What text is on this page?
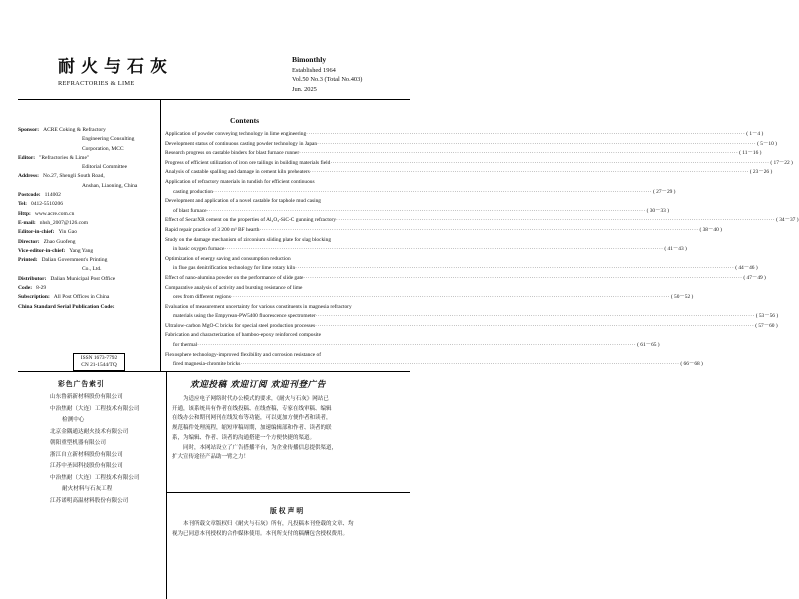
耐火与石灰
REFRACTORIES & LIME
Bimonthly
Established 1964
Vol.50 No.3 (Total No.403)
Jun. 2025
Sponsor: ACRE Coking & Refractory
Engineering Consulting
Corporation, MCC
Editor: "Refractories & Lime"
Editorial Committee
Address: No.27, Shengli South Road,
Anshan, Liaoning, China
Postcode: 114002
Tel: 0412-5510206
Http: www.acre.com.cn
E-mail: nhsh_2007@126.com
Editor-in-chief: Yin Gao
Director: Zhao Guofeng
Vice-editor-in-chief: Yang Yang
Printed: Dalian Government's Printing
Co., Ltd.
Distributor: Dalian Municipal Post Office
Code: 8-29
Subscription: All Post Offices in China
China Standard Serial Publication Code:
ISSN 1673-7792
CN 21-1544/TQ
Contents
Application of powder conveying technology in lime engineering ········································································································································································································ ( 1－4 )
Development status of continuous casting powder technology in Japan ········································································································································································································ ( 5－10 )
Research progress on castable binders for blast furnace runner ········································································································································································································ ( 11－16 )
Progress of efficient utilization of iron ore tailings in building materials field ········································································································································································································ ( 17－22 )
Analysis of castable spalling and damage in cement kiln preheaters ········································································································································································································ ( 23－26 )
Application of refractory materials in tundish for efficient continuous
casting production ········································································································································································································ ( 27－29 )
Development and application of a novel castable for taphole mud casing
of blast furnace ········································································································································································································ ( 30－33 )
Effect of SecarXR cement on the properties of Al₂O₃-SiC-C gunning refractory ········································································································································································································ ( 34－37 )
Rapid repair practice of 3 200 m³ BF hearth ········································································································································································································ ( 38－40 )
Study on the damage mechanism of zirconium sliding plate for slag blocking
in basic oxygen furnace ········································································································································································································ ( 41－43 )
Optimization of energy saving and consumption reduction
in flue gas denitrification technology for lime rotary kiln ········································································································································································································ ( 44－46 )
Effect of nano-alumina powder on the performance of slide gate ········································································································································································································ ( 47－49 )
Comparative analysis of activity and bursting resistance of lime
ores from different regions ········································································································································································································ ( 50－52 )
Evaluation of measurement uncertainty for various constituents in magnesia refractory
materials using the Empyrean-PW5400 fluorescence spectrometer ········································································································································································································ ( 53－56 )
Ultralow-carbon MgO-C bricks for special steel production processes ········································································································································································································ ( 57－60 )
Fabrication and characterization of bamboo-epoxy reinforced composite
for thermal ········································································································································································································ ( 61－65 )
Flexosphere technology-improved flexibility and corrosion resistance of
fired magnesia-chromite bricks ········································································································································································································ ( 66－68 )
彩色广告索引
山东鲁新新材料股份有限公司
中治焦耐（大连）工程技术有限公司
检测中心
北京金隅通达耐火技术有限公司
朝阳重型机器有限公司
浙江自立新材料股份有限公司
江苏中圣园科技股份有限公司
中治焦耐（大连）工程技术有限公司
耐火材料与石灰工程
江苏诺明高温材料股份有限公司
欢迎投稿 欢迎订阅 欢迎刊登广告

为适应电子网络时代办公模式的要求，《耐火与石灰》网站已

开通，该系统具有作者在线投稿、在线查稿，专家在线审稿、编辑

在线办公和期刊网刊在线发布等功能，可以更加方便作者和读者，

规范稿件处理流程，缩短审稿周期，加速编辑部和作者、读者的联

系，为编辑、作者、读者的沟通搭建一个方便快捷的渠道。

同时，本网站设立了广告搭播平台，为企业传播信息提供渠道，

扩大宣传途径产品助一臂之力！

版权声明

本刊所载文章版权归《耐火与石灰》所有，凡投稿本刊登载的文章、均

视为已同意本刊授权的合作媒体使用。本刊所支付的稿酬包含授权费用。
